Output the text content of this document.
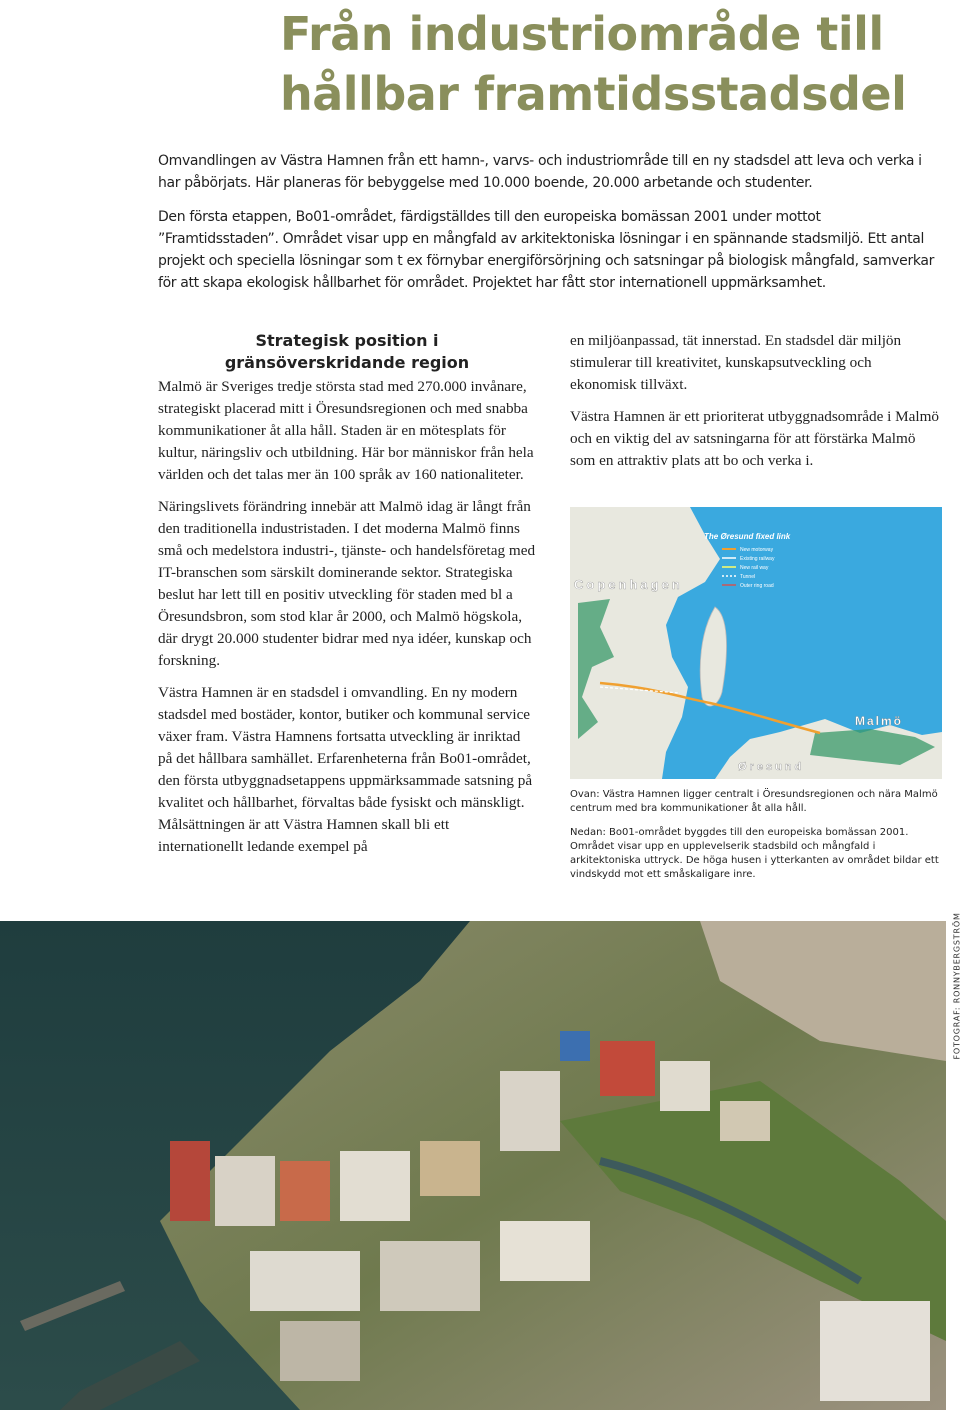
Från industriområde till
hållbar framtidsstadsdel

Omvandlingen av Västra Hamnen från ett hamn-, varvs- och industriområde till en ny stadsdel att leva och verka i har påbörjats. Här planeras för bebyggelse med 10.000 boende, 20.000 arbetande och studenter.

Den första etappen, Bo01-området, färdigställdes till den europeiska bomässan 2001 under mottot ”Framtidsstaden”. Området visar upp en mångfald av arkitektoniska lösningar i en spännande stadsmiljö. Ett antal projekt och speciella lösningar som t ex förnybar energiförsörjning och satsningar på biologisk mångfald, samverkar för att skapa ekologisk hållbarhet för området. Projektet har fått stor internationell uppmärksamhet.

Strategisk position i
gränsöverskridande region

Malmö är Sveriges tredje största stad med 270.000 invånare, strategiskt placerad mitt i Öresundsregionen och med snabba kommunikationer åt alla håll. Staden är en mötesplats för kultur, näringsliv och utbildning. Här bor människor från hela världen och det talas mer än 100 språk av 160 nationaliteter.

Näringslivets förändring innebär att Malmö idag är långt från den traditionella industristaden. I det moderna Malmö finns små och medelstora industri-, tjänste- och handelsföretag med IT-branschen som särskilt dominerande sektor. Strategiska beslut har lett till en positiv utveckling för staden med bl a Öresundsbron, som stod klar år 2000, och Malmö högskola, där drygt 20.000 studenter bidrar med nya idéer, kunskap och forskning.

Västra Hamnen är en stadsdel i omvandling. En ny modern stadsdel med bostäder, kontor, butiker och kommunal service växer fram. Västra Hamnens fortsatta utveckling är inriktad på det hållbara samhället. Erfarenheterna från Bo01-området, den första utbyggnadsetappens uppmärksammade satsning på kvalitet och hållbarhet, förvaltas både fysiskt och mänskligt. Målsättningen är att Västra Hamnen skall bli ett internationellt ledande exempel på

en miljöanpassad, tät innerstad. En stadsdel där miljön stimulerar till kreativitet, kunskapsutveckling och ekonomisk tillväxt.

Västra Hamnen är ett prioriterat utbyggnadsområde i Malmö och en viktig del av satsningarna för att förstärka Malmö som en attraktiv plats att bo och verka i.

The Øresund fixed link
New motorway
Existing railway
New rail way
Tunnel
Outer ring road
Copenhagen
Malmö
Øresund

Ovan: Västra Hamnen ligger centralt i Öresundsregionen och nära Malmö centrum med bra kommunikationer åt alla håll.

Nedan: Bo01-området byggdes till den europeiska bomässan 2001. Området visar upp en upplevelserik stadsbild och mångfald i arkitektoniska uttryck. De höga husen i ytterkanten av området bildar ett vindskydd mot ett småskaligare inre.

FOTOGRAF: RONNYBERGSTRÖM
